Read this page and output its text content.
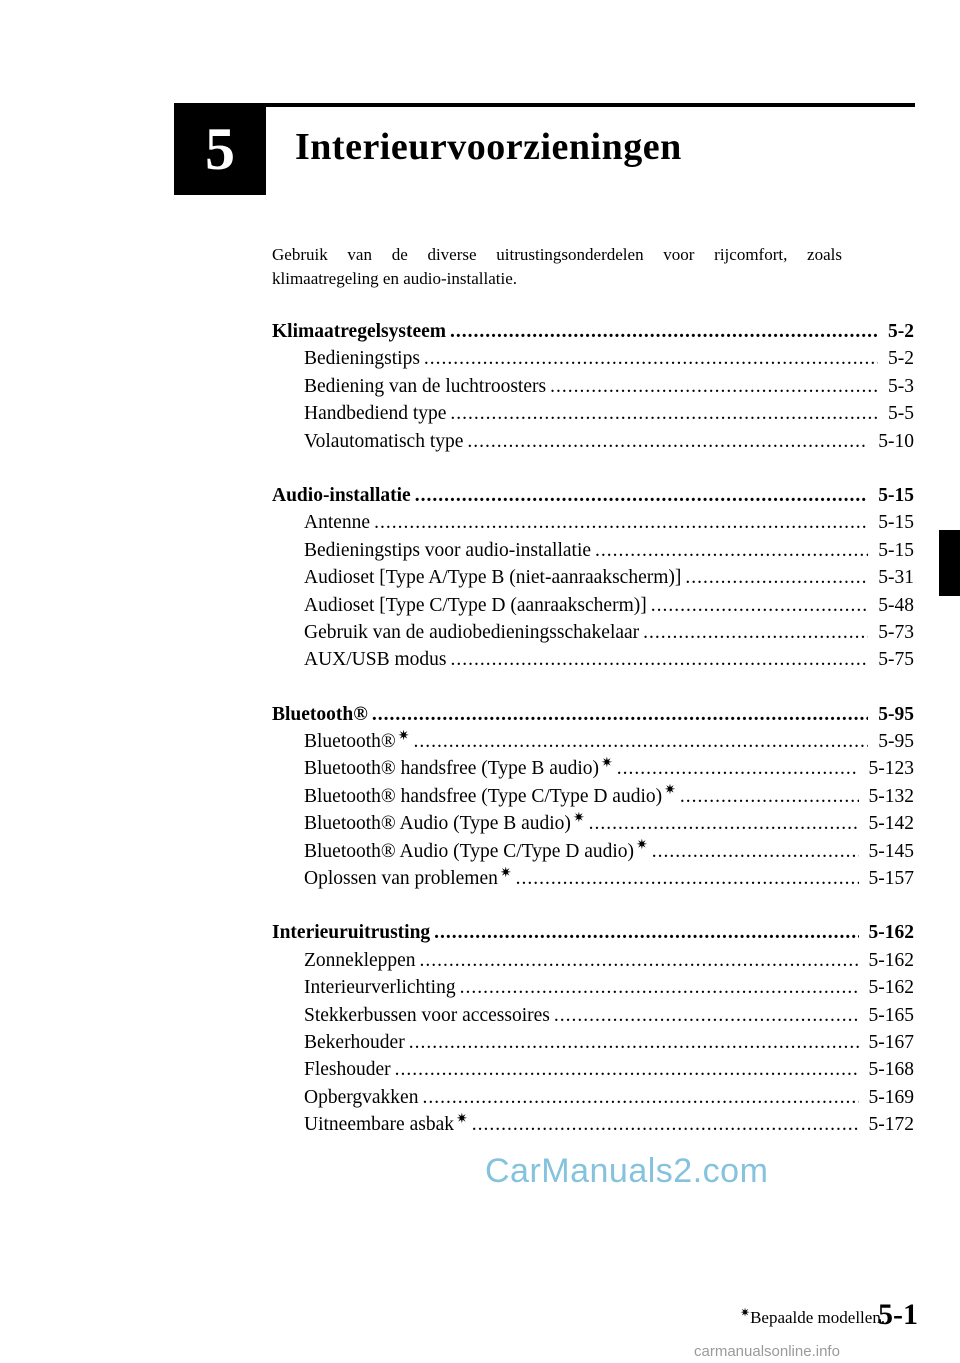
5 Interieurvoorzieningen
Gebruik van de diverse uitrustingsonderdelen voor rijcomfort, zoals klimaatregeling en audio-installatie.
Klimaatregelsysteem .....	5-2
Bedieningstips .....	5-2
Bediening van de luchtroosters .....	5-3
Handbediend type .....	5-5
Volautomatisch type .....	5-10
Audio-installatie .....	5-15
Antenne .....	5-15
Bedieningstips voor audio-installatie .....	5-15
Audioset [Type A/Type B (niet-aanraakscherm)] .....	5-31
Audioset [Type C/Type D (aanraakscherm)] .....	5-48
Gebruik van de audiobedieningsschakelaar .....	5-73
AUX/USB modus .....	5-75
Bluetooth® .....	5-95
Bluetooth® ✷ .....	5-95
Bluetooth® handsfree (Type B audio) ✷ .....	5-123
Bluetooth® handsfree (Type C/Type D audio) ✷ .....	5-132
Bluetooth® Audio (Type B audio) ✷ .....	5-142
Bluetooth® Audio (Type C/Type D audio) ✷ .....	5-145
Oplossen van problemen ✷ .....	5-157
Interieuruitrusting .....	5-162
Zonnekleppen .....	5-162
Interieurverlichting .....	5-162
Stekkerbussen voor accessoires .....	5-165
Bekerhouder .....	5-167
Fleshouder .....	5-168
Opbergvakken .....	5-169
Uitneembare asbak ✷ .....	5-172
CarManuals2.com
✷Bepaalde modellen.
5-1
carmanualsonline.info
